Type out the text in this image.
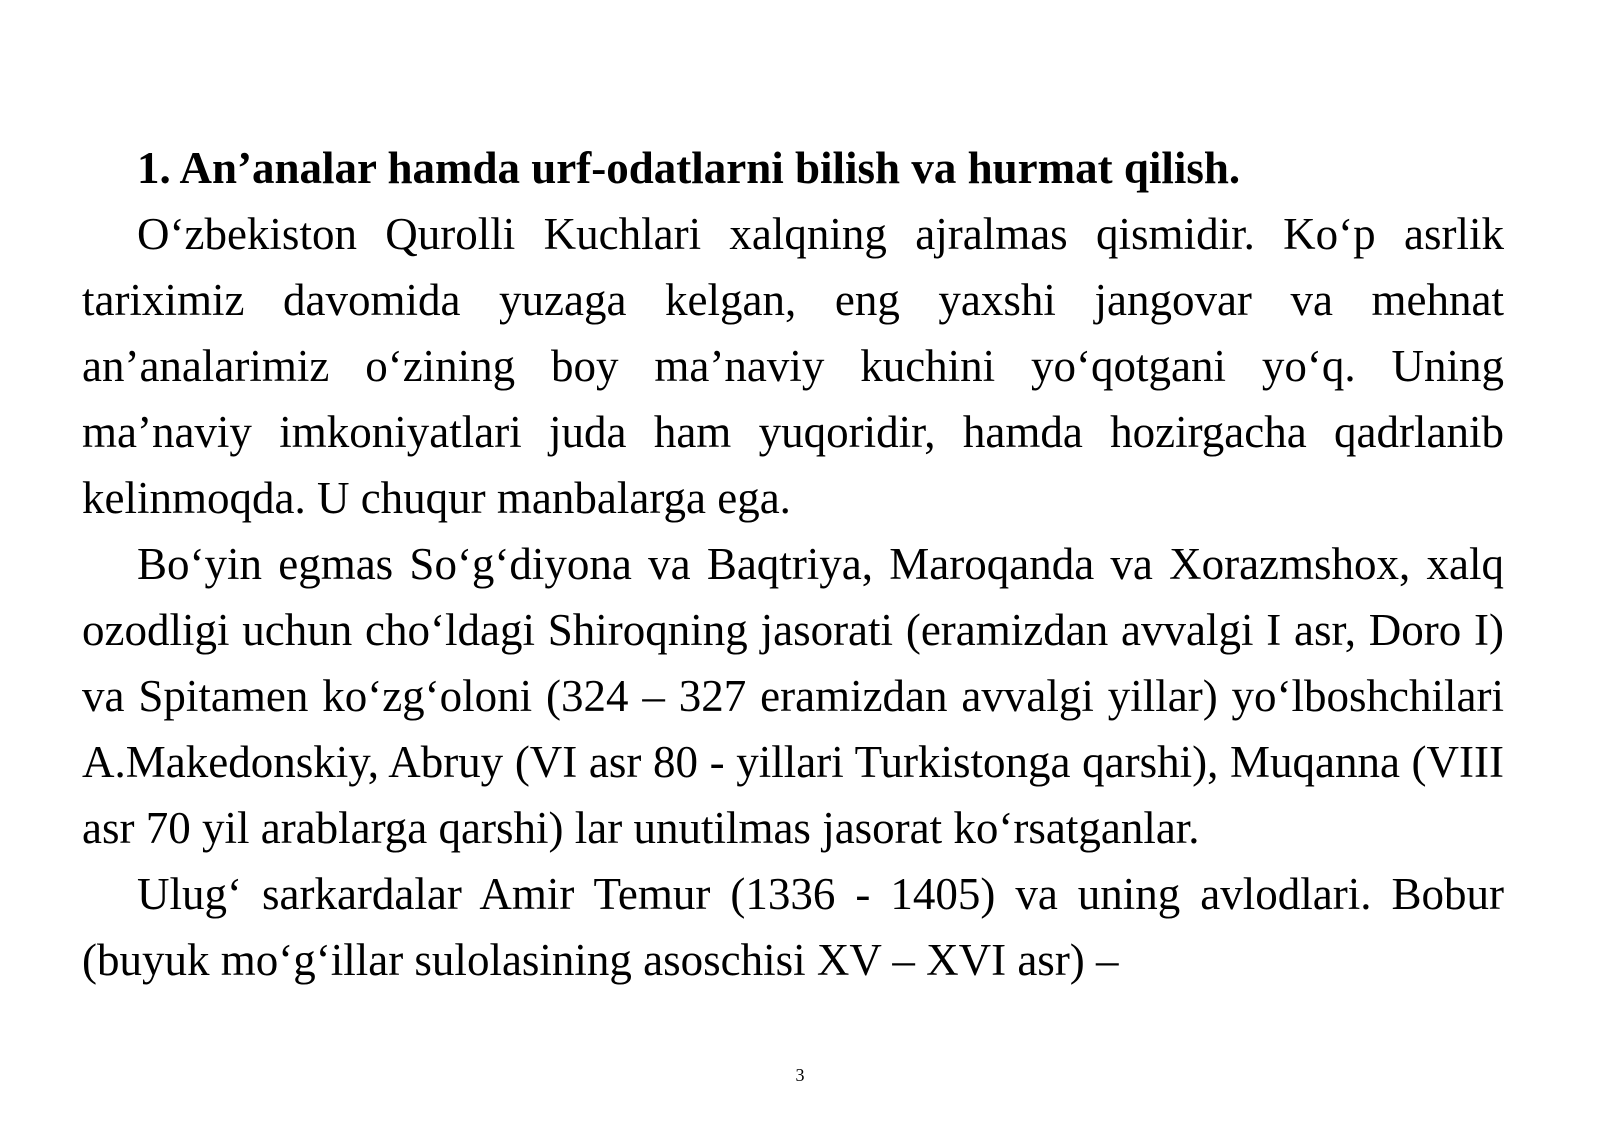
1. An’analar hamda urf-odatlarni bilish va hurmat qilish.

O‘zbekiston Qurolli Kuchlari xalqning ajralmas qismidir. Ko‘p asrlik tariximiz davomida yuzaga kelgan, eng yaxshi jangovar va mehnat an’analarimiz o‘zining boy ma’naviy kuchini yo‘qotgani yo‘q. Uning ma’naviy imkoniyatlari juda ham yuqoridir, hamda hozirgacha qadrlanib kelinmoqda. U chuqur manbalarga ega.

Bo‘yin egmas So‘g‘diyona va Baqtriya, Maroqanda va Xorazmshox, xalq ozodligi uchun cho‘ldagi Shiroqning jasorati (eramizdan avvalgi I asr, Doro I) va Spitamen ko‘zg‘oloni (324 – 327 eramizdan avvalgi yillar) yo‘lboshchilari A.Makedonskiy, Abruy (VI asr 80 - yillari Turkistonga qarshi), Muqanna (VIII asr 70 yil arablarga qarshi) lar unutilmas jasorat ko‘rsatganlar.

Ulug‘ sarkardalar Amir Temur (1336 - 1405) va uning avlodlari. Bobur (buyuk mo‘g‘illar sulolasining asoschisi XV – XVI asr) –

3
